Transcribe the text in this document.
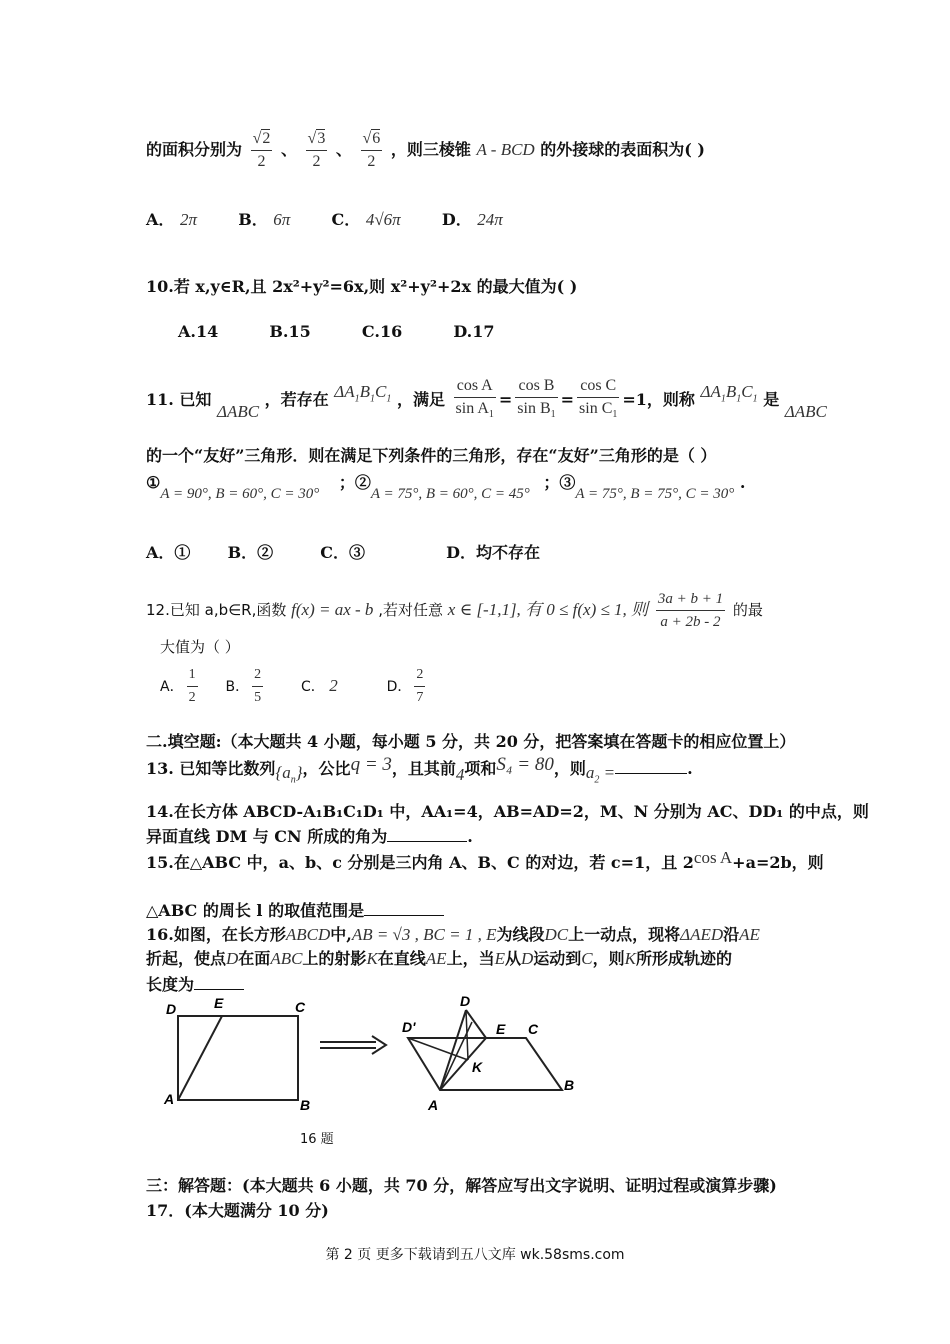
的面积分别为 $\frac{√2}{2}$ 、 $\frac{√3}{2}$ 、 $\frac{√6}{2}$ ，则三棱锥 A - BCD 的外接球的表面积为( )
A． 2π	B． 6π	C． 4√6π	D． 24π
10.若 x,y∈R,且 2x²+y²=6x,则 x²+y²+2x 的最大值为( )
A.14	B.15	C.16	D.17
11. 已知 ΔABC ，若存在 $\Delta A_1B_1C_1$ ，满足 $\frac{\text{cos A}}{\sin A_1} = \frac{\text{cos B}}{\sin B_1} = \frac{\text{cos C}}{\sin C_1} =1$，则称 $\Delta A_1B_1C_1$ 是 ΔABC
的一个“友好”三角形．则在满足下列条件的三角形，存在“友好”三角形的是（ ）
①A = 90°, B = 60°, C = 30° ；②A = 75°, B = 60°, C = 45° ；③A = 75°, B = 75°, C = 30° .
A．① B．②	C．③	D．均不存在
12.已知 a,b∈R,函数 f(x) = ax - b ,若对任意 x ∈ [-1,1], 有 0 ≤ f(x) ≤ 1, 则 $\frac{3a + b + 1}{a + 2b - 2}$ 的最
大值为（ ）
A． $\frac{1}{2}$ B． $\frac{2}{5}$	C． 2	D． $\frac{2}{7}$
二.填空题:（本大题共 4 小题，每小题 5 分，共 20 分，把答案填在答题卡的相应位置上）
13. 已知等比数列$\{a_n\}$，公比q = 3，且其前4项和S₄ = 80，则$a_2$ =	.
14.在长方体 ABCD-A₁B₁C₁D₁ 中，AA₁=4，AB=AD=2，M、N 分别为 AC、DD₁ 的中点，则
异面直线 DM 与 CN 所成的角为	.
15.在△ABC 中，a、b、c 分别是三内角 A、B、C 的对边，若 c=1，且 2cos A+a=2b，则
△ABC 的周长 l 的取值范围是
16.如图，在长方形ABCD中,AB = √3 , BC = 1 , E为线段DC上一动点，现将ΔAED沿AE
折起，使点D在面ABC上的射影K在直线AE上，当E从D运动到C，则K所形成轨迹的
长度为
D	E	C
A	B
D
D'	E C
K
A
B
16 题
三：解答题：(本大题共 6 小题，共 70 分，解答应写出文字说明、证明过程或演算步骤)
17．(本大题满分 10 分)
第 2 页 更多下载请到五八文库 wk.58sms.com
